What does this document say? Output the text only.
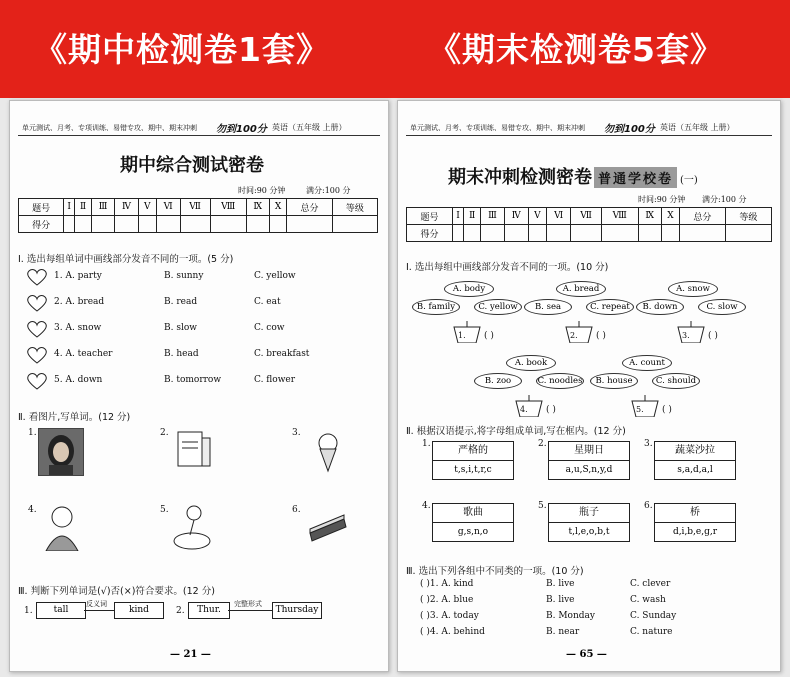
《期中检测卷1套》	《期末检测卷5套》
单元测试、月考、专项训练、易错专攻、期中、期末冲刺 勿到100分 英语（五年级 上册）
期中综合测试密卷
时间:90 分钟	满分:100 分
题号	Ⅰ	Ⅱ	Ⅲ	Ⅳ	Ⅴ	Ⅵ	Ⅶ	Ⅷ	Ⅸ	Ⅹ	总分	等级
得分												
Ⅰ. 选出每组单词中画线部分发音不同的一项。(5 分)
Ⅱ. 看图片,写单词。(12 分)
1.	2.	3.
4.	5.	6.
Ⅲ. 判断下列单词是(√)否(×)符合要求。(12 分)
1.	tall
反义词
kind	2.	Thur.
完整形式
Thursday
— 21 —
1. A. party	B. sunny	C. yellow
2. A. bread	B. read	C. eat
3. A. snow	B. slow	C. cow
4. A. teacher	B. head	C. breakfast
5. A. down	B. tomorrow	C. flower
单元测试、月考、专项训练、易错专攻、期中、期末冲刺 勿到100分 英语（五年级 上册）
期末冲刺检测密卷 普通学校卷 (一)
时间:90 分钟 满分:100 分
题号	Ⅰ	Ⅱ	Ⅲ	Ⅳ	Ⅴ	Ⅵ	Ⅶ	Ⅷ	Ⅸ	Ⅹ	总分	等级
得分												
Ⅰ. 选出每组中画线部分发音不同的一项。(10 分)
Ⅱ. 根据汉语提示,将字母组成单词,写在框内。(12 分)
Ⅲ. 选出下列各组中不同类的一项。(10 分)
— 65 —
A. body
B. family	C. yellow
1. ( )
A. bread
B. sea	C. repeat
2. ( )
A. snow
B. down	C. slow
3. ( )
A. book
B. zoo	C. noodles
4. ( )
A. count
B. house	C. should
5. ( )
1.
严格的
t,s,i,t,r,c
2.
星期日
a,u,S,n,y,d
3.
蔬菜沙拉
s,a,d,a,l
4.
歌曲
g,s,n,o
5.
瓶子
t,l,e,o,b,t
6.
桥
d,i,b,e,g,r
( )1. A. kind	B. live	C. clever
( )2. A. blue	B. live	C. wash
( )3. A. today	B. Monday	C. Sunday
( )4. A. behind	B. near	C. nature
